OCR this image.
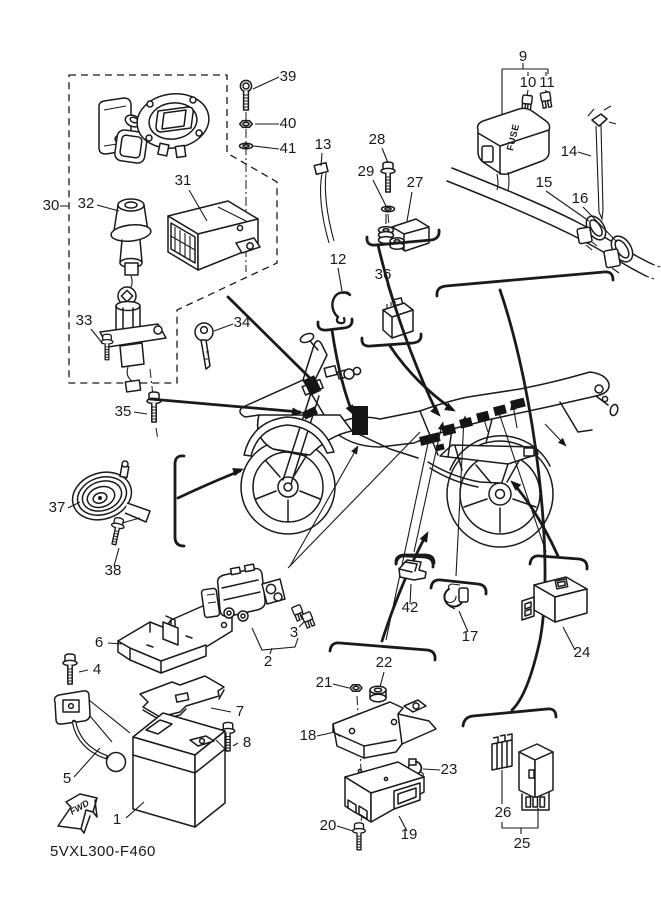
FUSE
FWD
5VXL300-F460
39
40
41 13
30 32
31
33	34
35
28
29
27
12
36
9
10 11
14
15
16
37
38
6
4
5
7
8
1
2
3
42
17
24
22
21
18
23
19
20
26
25
